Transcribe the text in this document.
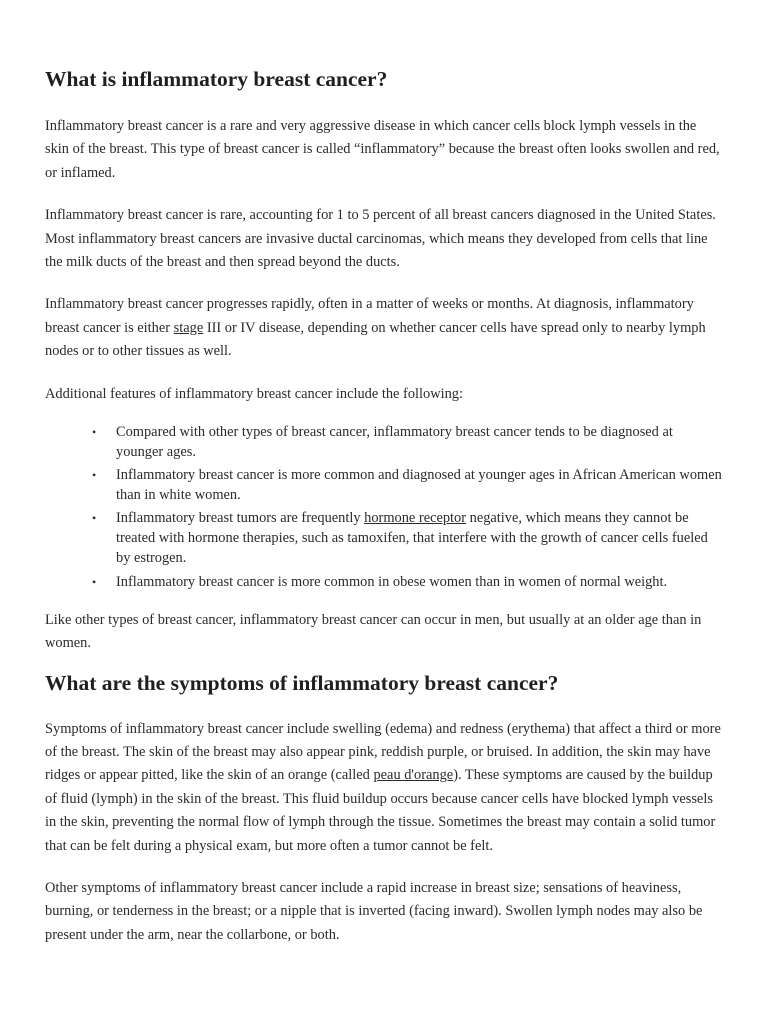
What is inflammatory breast cancer?

Inflammatory breast cancer is a rare and very aggressive disease in which cancer cells block lymph vessels in the skin of the breast. This type of breast cancer is called “inflammatory” because the breast often looks swollen and red, or inflamed.

Inflammatory breast cancer is rare, accounting for 1 to 5 percent of all breast cancers diagnosed in the United States. Most inflammatory breast cancers are invasive ductal carcinomas, which means they developed from cells that line the milk ducts of the breast and then spread beyond the ducts.

Inflammatory breast cancer progresses rapidly, often in a matter of weeks or months. At diagnosis, inflammatory breast cancer is either stage III or IV disease, depending on whether cancer cells have spread only to nearby lymph nodes or to other tissues as well.

Additional features of inflammatory breast cancer include the following:

• Compared with other types of breast cancer, inflammatory breast cancer tends to be diagnosed at younger ages.
• Inflammatory breast cancer is more common and diagnosed at younger ages in African American women than in white women.
• Inflammatory breast tumors are frequently hormone receptor negative, which means they cannot be treated with hormone therapies, such as tamoxifen, that interfere with the growth of cancer cells fueled by estrogen.
• Inflammatory breast cancer is more common in obese women than in women of normal weight.

Like other types of breast cancer, inflammatory breast cancer can occur in men, but usually at an older age than in women.

What are the symptoms of inflammatory breast cancer?

Symptoms of inflammatory breast cancer include swelling (edema) and redness (erythema) that affect a third or more of the breast. The skin of the breast may also appear pink, reddish purple, or bruised. In addition, the skin may have ridges or appear pitted, like the skin of an orange (called peau d'orange). These symptoms are caused by the buildup of fluid (lymph) in the skin of the breast. This fluid buildup occurs because cancer cells have blocked lymph vessels in the skin, preventing the normal flow of lymph through the tissue. Sometimes the breast may contain a solid tumor that can be felt during a physical exam, but more often a tumor cannot be felt.

Other symptoms of inflammatory breast cancer include a rapid increase in breast size; sensations of heaviness, burning, or tenderness in the breast; or a nipple that is inverted (facing inward). Swollen lymph nodes may also be present under the arm, near the collarbone, or both.
